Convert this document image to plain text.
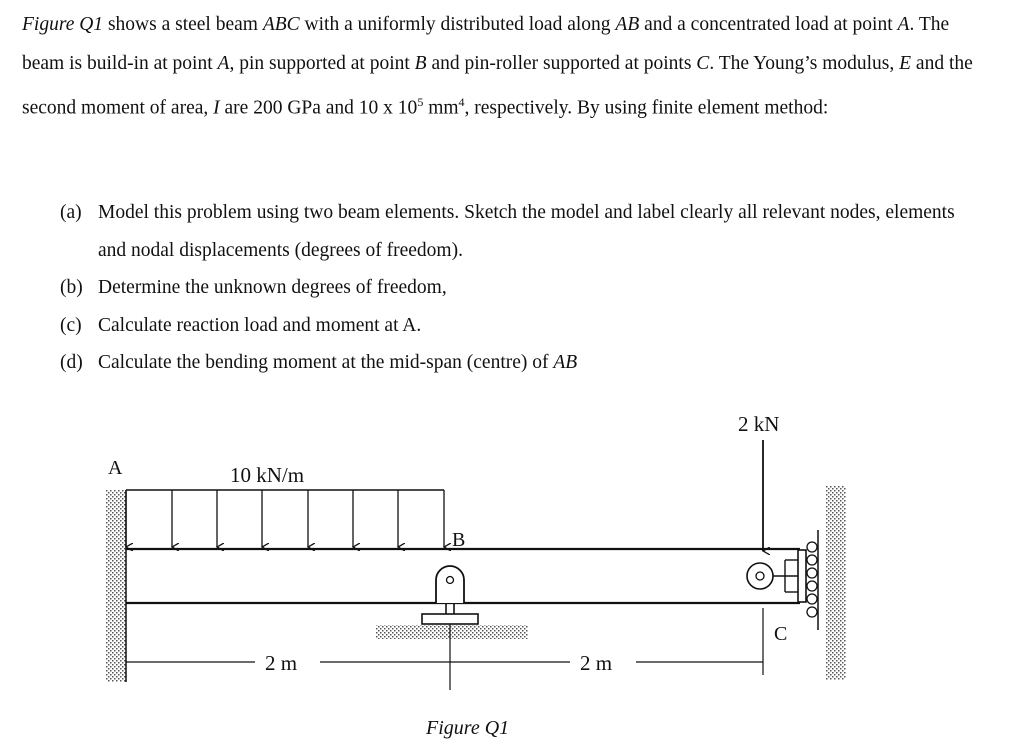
Figure Q1 shows a steel beam ABC with a uniformly distributed load along AB and a concentrated load at point A. The beam is build-in at point A, pin supported at point B and pin-roller supported at points C. The Young’s modulus, E and the second moment of area, I are 200 GPa and 10 x $10^5$ $mm^4$, respectively. By using finite element method:
(a) Model this problem using two beam elements. Sketch the model and label clearly all relevant nodes, elements and nodal displacements (degrees of freedom).
(b) Determine the unknown degrees of freedom,
(c) Calculate reaction load and moment at A.
(d) Calculate the bending moment at the mid-span (centre) of AB
A	10 kN/m
B
2 kN
C
2 m	2 m
Figure Q1
